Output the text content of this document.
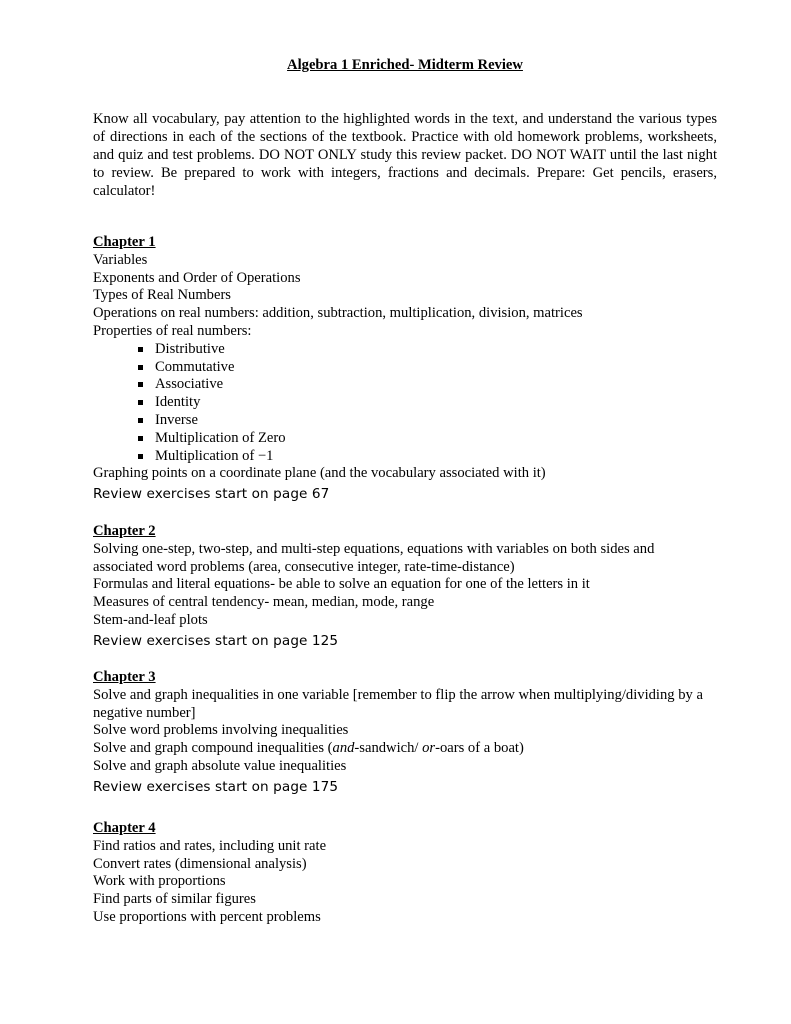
Algebra 1 Enriched- Midterm Review

Know all vocabulary, pay attention to the highlighted words in the text, and understand the various types of directions in each of the sections of the textbook. Practice with old homework problems, worksheets, and quiz and test problems. DO NOT ONLY study this review packet. DO NOT WAIT until the last night to review. Be prepared to work with integers, fractions and decimals. Prepare: Get pencils, erasers, calculator!

Chapter 1

Variables

Exponents and Order of Operations

Types of Real Numbers

Operations on real numbers: addition, subtraction, multiplication, division, matrices

Properties of real numbers:

Distributive
Commutative
Associative
Identity
Inverse
Multiplication of Zero
Multiplication of −1

Graphing points on a coordinate plane (and the vocabulary associated with it)

Review exercises start on page 67

Chapter 2

Solving one-step, two-step, and multi-step equations, equations with variables on both sides and associated word problems (area, consecutive integer, rate-time-distance)

Formulas and literal equations- be able to solve an equation for one of the letters in it

Measures of central tendency- mean, median, mode, range

Stem-and-leaf plots

Review exercises start on page 125

Chapter 3

Solve and graph inequalities in one variable [remember to flip the arrow when multiplying/dividing by a negative number]

Solve word problems involving inequalities

Solve and graph compound inequalities (and-sandwich/ or-oars of a boat)

Solve and graph absolute value inequalities

Review exercises start on page 175

Chapter 4

Find ratios and rates, including unit rate

Convert rates (dimensional analysis)

Work with proportions

Find parts of similar figures

Use proportions with percent problems
